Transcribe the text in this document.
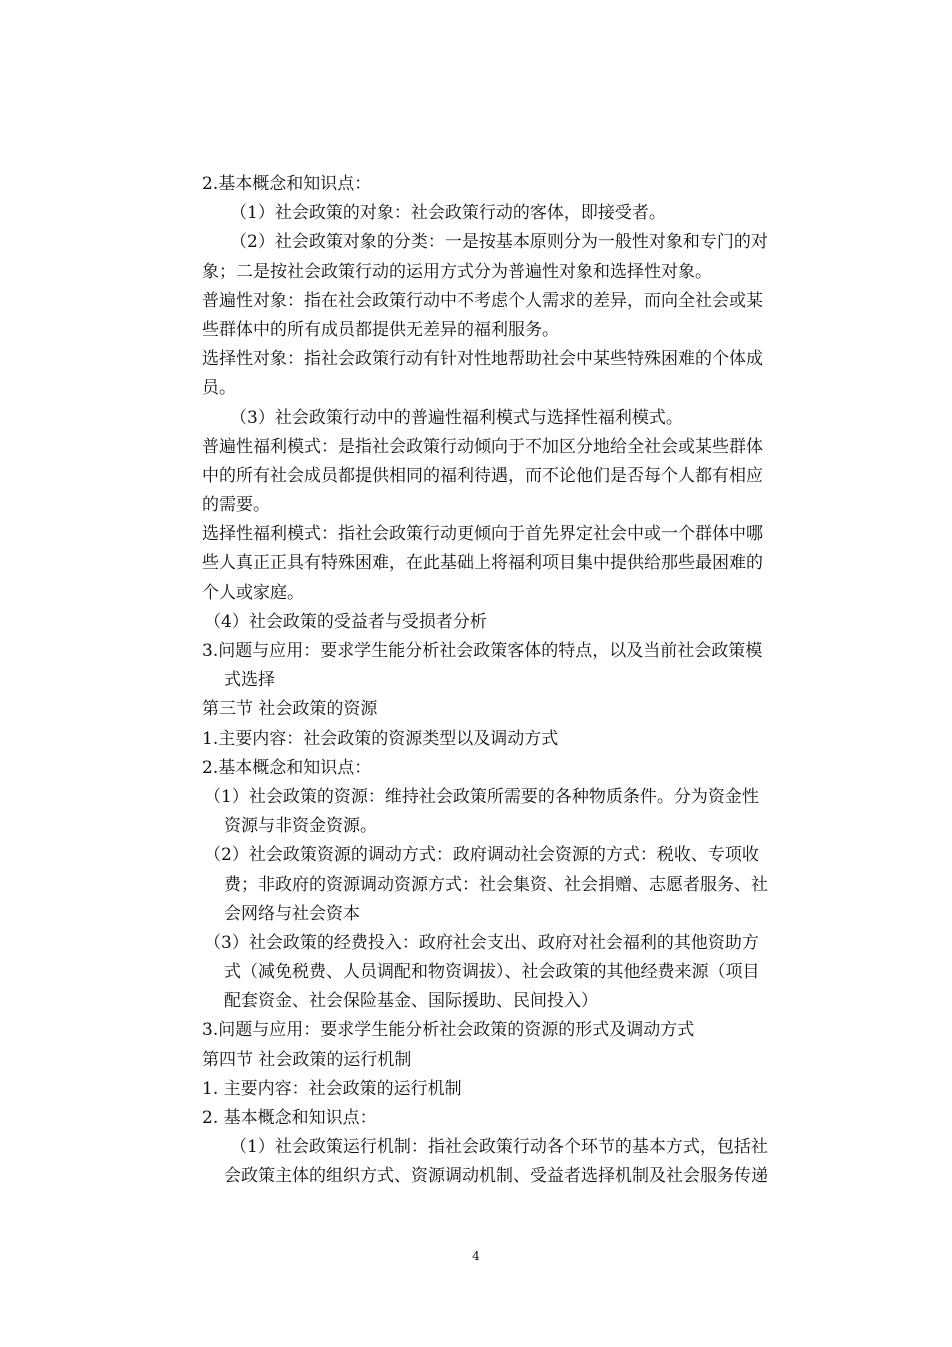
2.基本概念和知识点：
（1）社会政策的对象：社会政策行动的客体，即接受者。
（2）社会政策对象的分类：一是按基本原则分为一般性对象和专门的对
象；二是按社会政策行动的运用方式分为普遍性对象和选择性对象。
普遍性对象：指在社会政策行动中不考虑个人需求的差异，而向全社会或某
些群体中的所有成员都提供无差异的福利服务。
选择性对象：指社会政策行动有针对性地帮助社会中某些特殊困难的个体成
员。
（3）社会政策行动中的普遍性福利模式与选择性福利模式。
普遍性福利模式：是指社会政策行动倾向于不加区分地给全社会或某些群体
中的所有社会成员都提供相同的福利待遇，而不论他们是否每个人都有相应
的需要。
选择性福利模式：指社会政策行动更倾向于首先界定社会中或一个群体中哪
些人真正正具有特殊困难，在此基础上将福利项目集中提供给那些最困难的
个人或家庭。
（4）社会政策的受益者与受损者分析
3.问题与应用：要求学生能分析社会政策客体的特点，以及当前社会政策模
式选择
第三节 社会政策的资源
1.主要内容：社会政策的资源类型以及调动方式
2.基本概念和知识点：
（1）社会政策的资源：维持社会政策所需要的各种物质条件。分为资金性
资源与非资金资源。
（2）社会政策资源的调动方式：政府调动社会资源的方式：税收、专项收
费；非政府的资源调动资源方式：社会集资、社会捐赠、志愿者服务、社
会网络与社会资本
（3）社会政策的经费投入：政府社会支出、政府对社会福利的其他资助方
式（减免税费、人员调配和物资调拔）、社会政策的其他经费来源（项目
配套资金、社会保险基金、国际援助、民间投入）
3.问题与应用：要求学生能分析社会政策的资源的形式及调动方式
第四节 社会政策的运行机制
1. 主要内容：社会政策的运行机制
2. 基本概念和知识点：
（1）社会政策运行机制：指社会政策行动各个环节的基本方式，包括社
会政策主体的组织方式、资源调动机制、受益者选择机制及社会服务传递
4
